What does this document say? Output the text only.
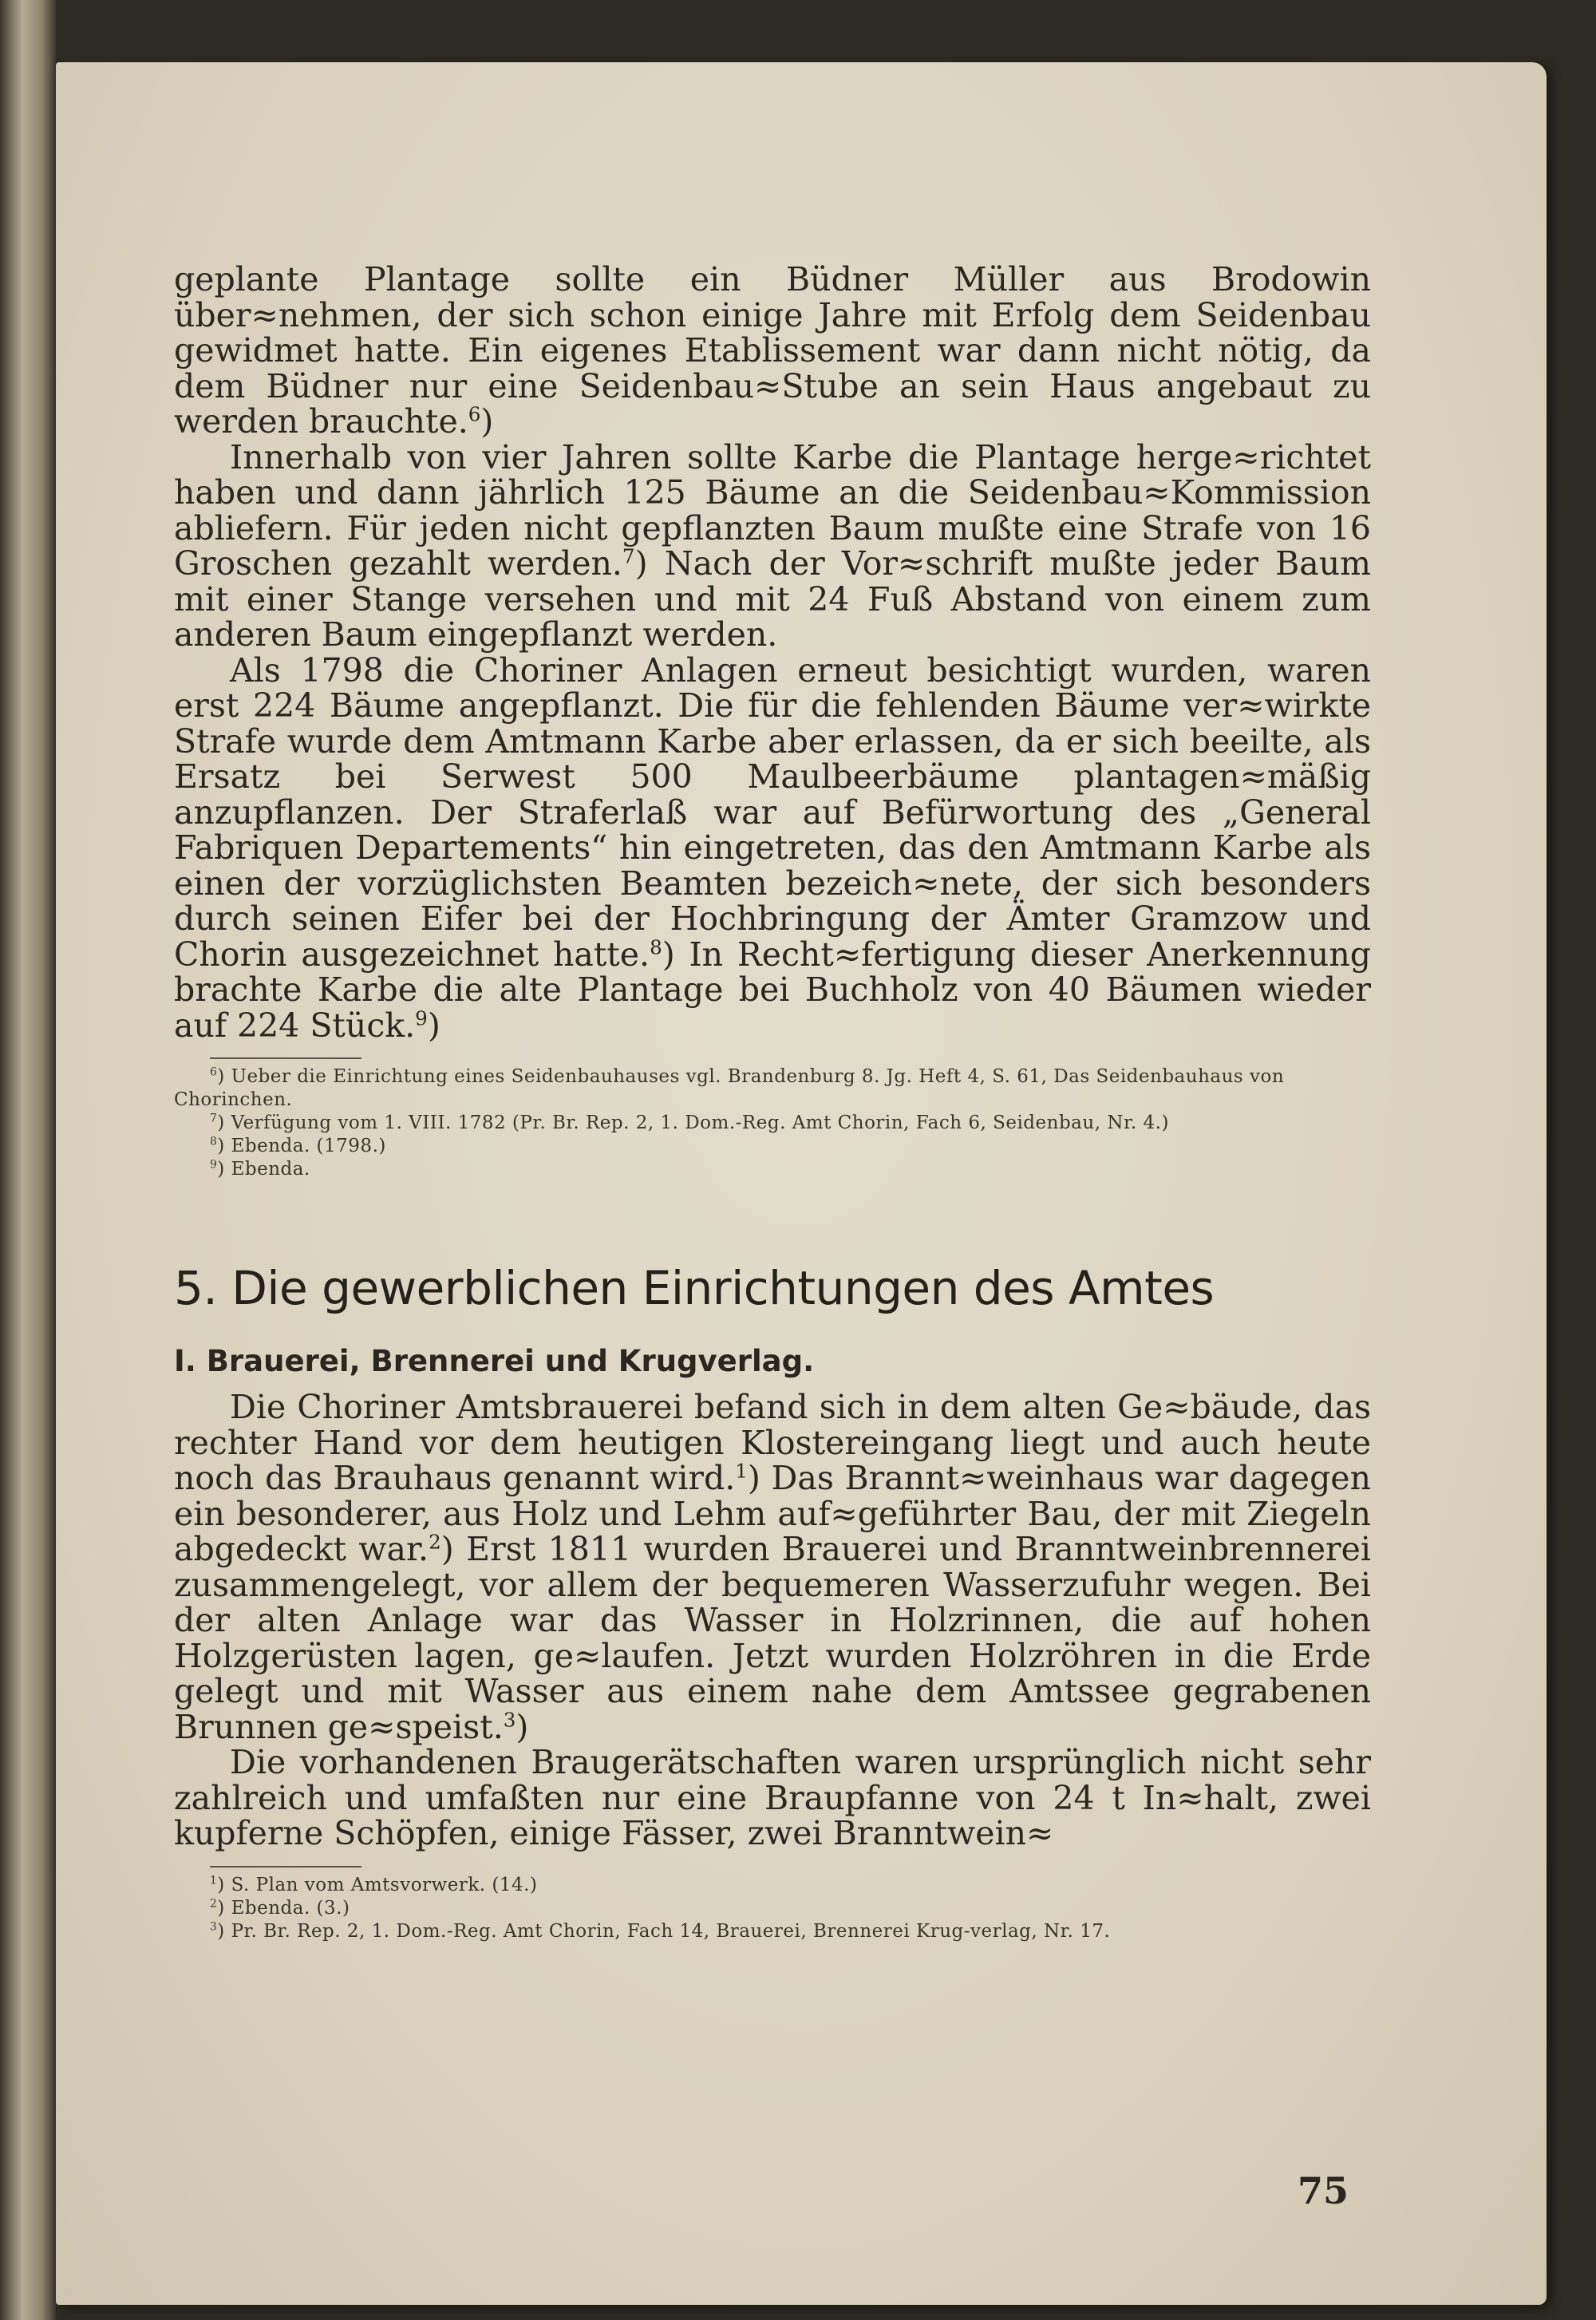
geplante Plantage sollte ein Büdner Müller aus Brodowin über≈nehmen, der sich schon einige Jahre mit Erfolg dem Seidenbau gewidmet hatte. Ein eigenes Etablissement war dann nicht nötig, da dem Büdner nur eine Seidenbau≈Stube an sein Haus angebaut zu werden brauchte.$^6$)

Innerhalb von vier Jahren sollte Karbe die Plantage herge≈richtet haben und dann jährlich 125 Bäume an die Seidenbau≈Kommission abliefern. Für jeden nicht gepflanzten Baum mußte eine Strafe von 16 Groschen gezahlt werden.$^7$) Nach der Vor≈schrift mußte jeder Baum mit einer Stange versehen und mit 24 Fuß Abstand von einem zum anderen Baum eingepflanzt werden.

Als 1798 die Choriner Anlagen erneut besichtigt wurden, waren erst 224 Bäume angepflanzt. Die für die fehlenden Bäume ver≈wirkte Strafe wurde dem Amtmann Karbe aber erlassen, da er sich beeilte, als Ersatz bei Serwest 500 Maulbeerbäume plantagen≈mäßig anzupflanzen. Der Straferlaß war auf Befürwortung des „General Fabriquen Departements“ hin eingetreten, das den Amtmann Karbe als einen der vorzüglichsten Beamten bezeich≈nete, der sich besonders durch seinen Eifer bei der Hochbringung der Ämter Gramzow und Chorin ausgezeichnet hatte.$^8$) In Recht≈fertigung dieser Anerkennung brachte Karbe die alte Plantage bei Buchholz von 40 Bäumen wieder auf 224 Stück.$^9$)

$^6$) Ueber die Einrichtung eines Seidenbauhauses vgl. Brandenburg 8. Jg. Heft 4, S. 61, Das Seidenbauhaus von Chorinchen.

$^7$) Verfügung vom 1. VIII. 1782 (Pr. Br. Rep. 2, 1. Dom.-Reg. Amt Chorin, Fach 6, Seidenbau, Nr. 4.)

$^8$) Ebenda. (1798.)

$^9$) Ebenda.

5. Die gewerblichen Einrichtungen des Amtes
I. Brauerei, Brennerei und Krugverlag.

Die Choriner Amtsbrauerei befand sich in dem alten Ge≈bäude, das rechter Hand vor dem heutigen Klostereingang liegt und auch heute noch das Brauhaus genannt wird.$^1$) Das Brannt≈weinhaus war dagegen ein besonderer, aus Holz und Lehm auf≈geführter Bau, der mit Ziegeln abgedeckt war.$^2$) Erst 1811 wurden Brauerei und Branntweinbrennerei zusammengelegt, vor allem der bequemeren Wasserzufuhr wegen. Bei der alten Anlage war das Wasser in Holzrinnen, die auf hohen Holzgerüsten lagen, ge≈laufen. Jetzt wurden Holzröhren in die Erde gelegt und mit Wasser aus einem nahe dem Amtssee gegrabenen Brunnen ge≈speist.$^3$)

Die vorhandenen Braugerätschaften waren ursprünglich nicht sehr zahlreich und umfaßten nur eine Braupfanne von 24 t In≈halt, zwei kupferne Schöpfen, einige Fässer, zwei Branntwein≈

$^1$) S. Plan vom Amtsvorwerk. (14.)

$^2$) Ebenda. (3.)

$^3$) Pr. Br. Rep. 2, 1. Dom.-Reg. Amt Chorin, Fach 14, Brauerei, Brennerei Krug-verlag, Nr. 17.

75
